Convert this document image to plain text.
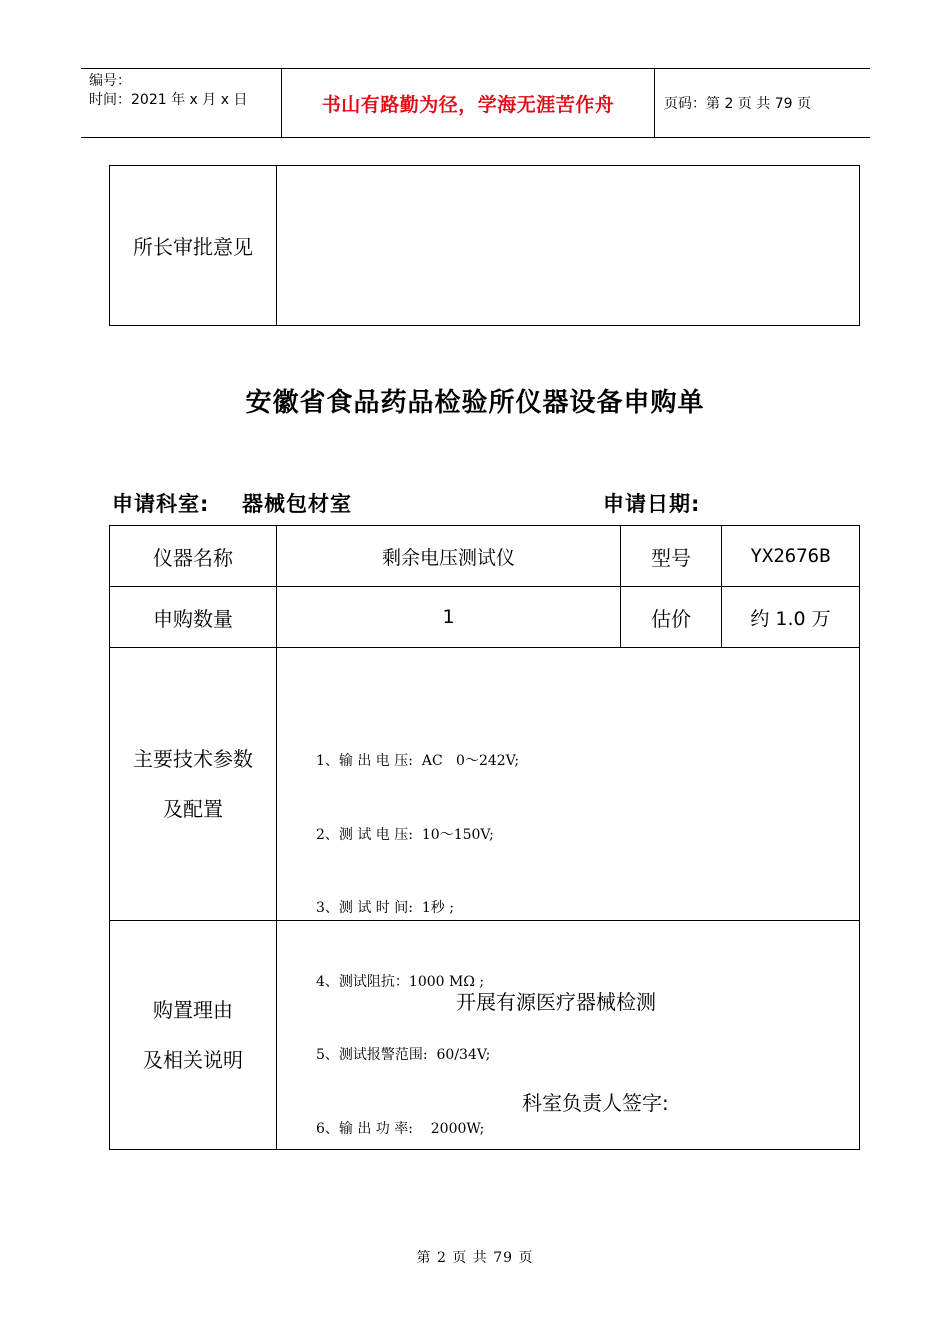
编号：
时间：2021 年 x 月 x 日	书山有路勤为径，学海无涯苦作舟	页码：第 2 页 共 79 页
所长审批意见
安徽省食品药品检验所仪器设备申购单
申请科室: 器械包材室	申请日期:
仪器名称	剩余电压测试仪	型号	YX2676B
申购数量	1	估价	约 1.0 万
主要技术参数
及配置

1、输 出 电 压:  AC   0～242V;

2、测 试 电 压:  10～150V;

3、测 试 时 间:  1秒 ;

4、测试阻抗：1000 MΩ ;

5、测试报警范围:  60/34V;

6、输 出 功 率:    2000W;

购置理由
及相关说明
开展有源医疗器械检测
科室负责人签字:
第 2 页 共 79 页
